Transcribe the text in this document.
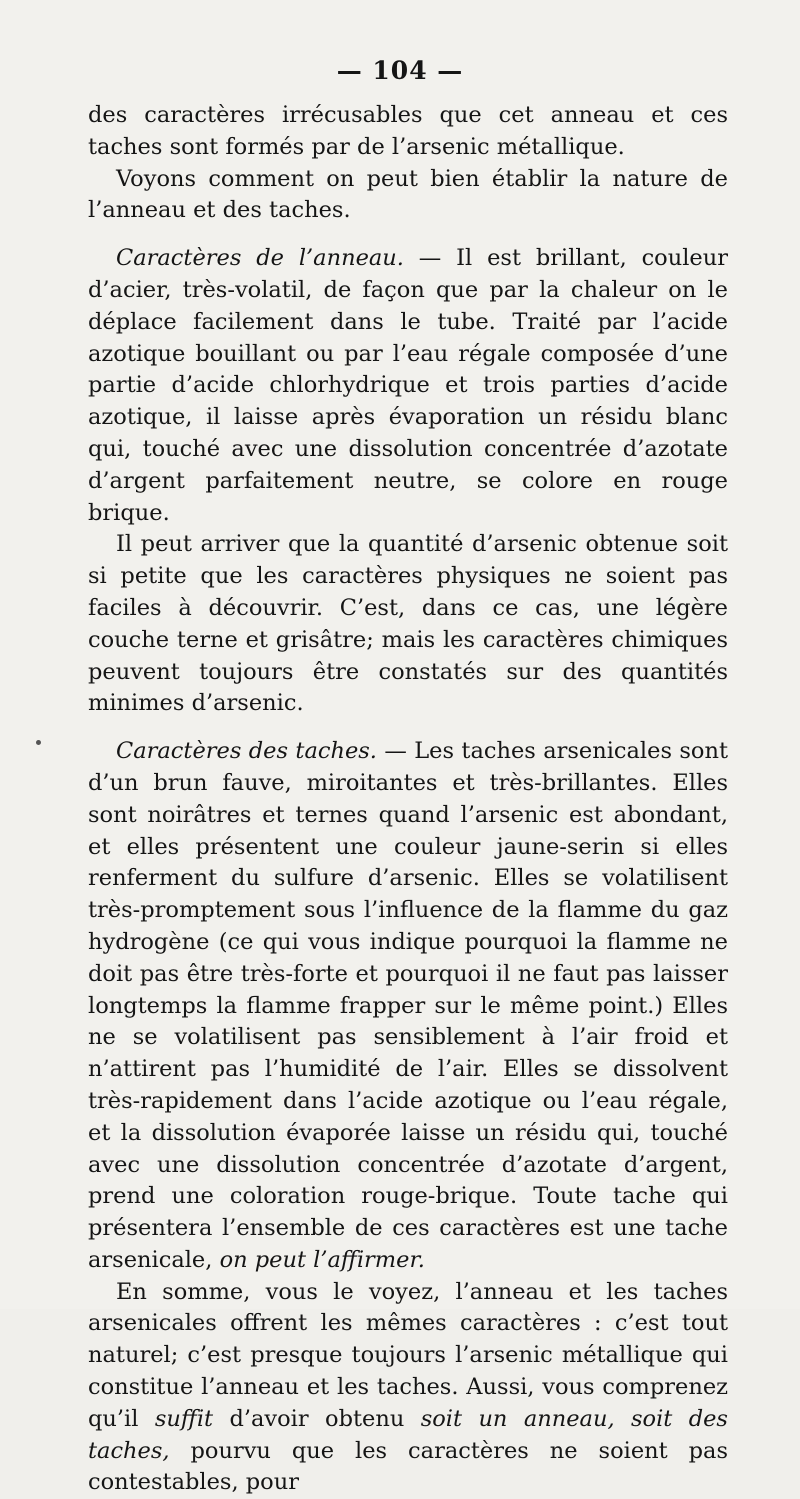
— 104 —

des caractères irrécusables que cet anneau et ces taches sont formés par de l’arsenic métallique.

Voyons comment on peut bien établir la nature de l’anneau et des taches.

Caractères de l’anneau. — Il est brillant, couleur d’acier, très-volatil, de façon que par la chaleur on le déplace facilement dans le tube. Traité par l’acide azotique bouillant ou par l’eau régale composée d’une partie d’acide chlorhydrique et trois parties d’acide azotique, il laisse après évaporation un résidu blanc qui, touché avec une dissolution concentrée d’azotate d’argent parfaitement neutre, se colore en rouge brique.

Il peut arriver que la quantité d’arsenic obtenue soit si petite que les caractères physiques ne soient pas faciles à découvrir. C’est, dans ce cas, une légère couche terne et grisâtre; mais les caractères chimiques peuvent toujours être constatés sur des quantités minimes d’arsenic.

Caractères des taches. — Les taches arsenicales sont d’un brun fauve, miroitantes et très-brillantes. Elles sont noirâtres et ternes quand l’arsenic est abondant, et elles présentent une couleur jaune-serin si elles renferment du sulfure d’arsenic. Elles se volatilisent très-promptement sous l’influence de la flamme du gaz hydrogène (ce qui vous indique pourquoi la flamme ne doit pas être très-forte et pourquoi il ne faut pas laisser longtemps la flamme frapper sur le même point.) Elles ne se volatilisent pas sensiblement à l’air froid et n’attirent pas l’humidité de l’air. Elles se dissolvent très-rapidement dans l’acide azotique ou l’eau régale, et la dissolution évaporée laisse un résidu qui, touché avec une dissolution concentrée d’azotate d’argent, prend une coloration rouge-brique. Toute tache qui présentera l’ensemble de ces caractères est une tache arsenicale, on peut l’affirmer.

En somme, vous le voyez, l’anneau et les taches arsenicales offrent les mêmes caractères : c’est tout naturel; c’est presque toujours l’arsenic métallique qui constitue l’anneau et les taches. Aussi, vous comprenez qu’il suffit d’avoir obtenu soit un anneau, soit des taches, pourvu que les caractères ne soient pas contestables, pour
